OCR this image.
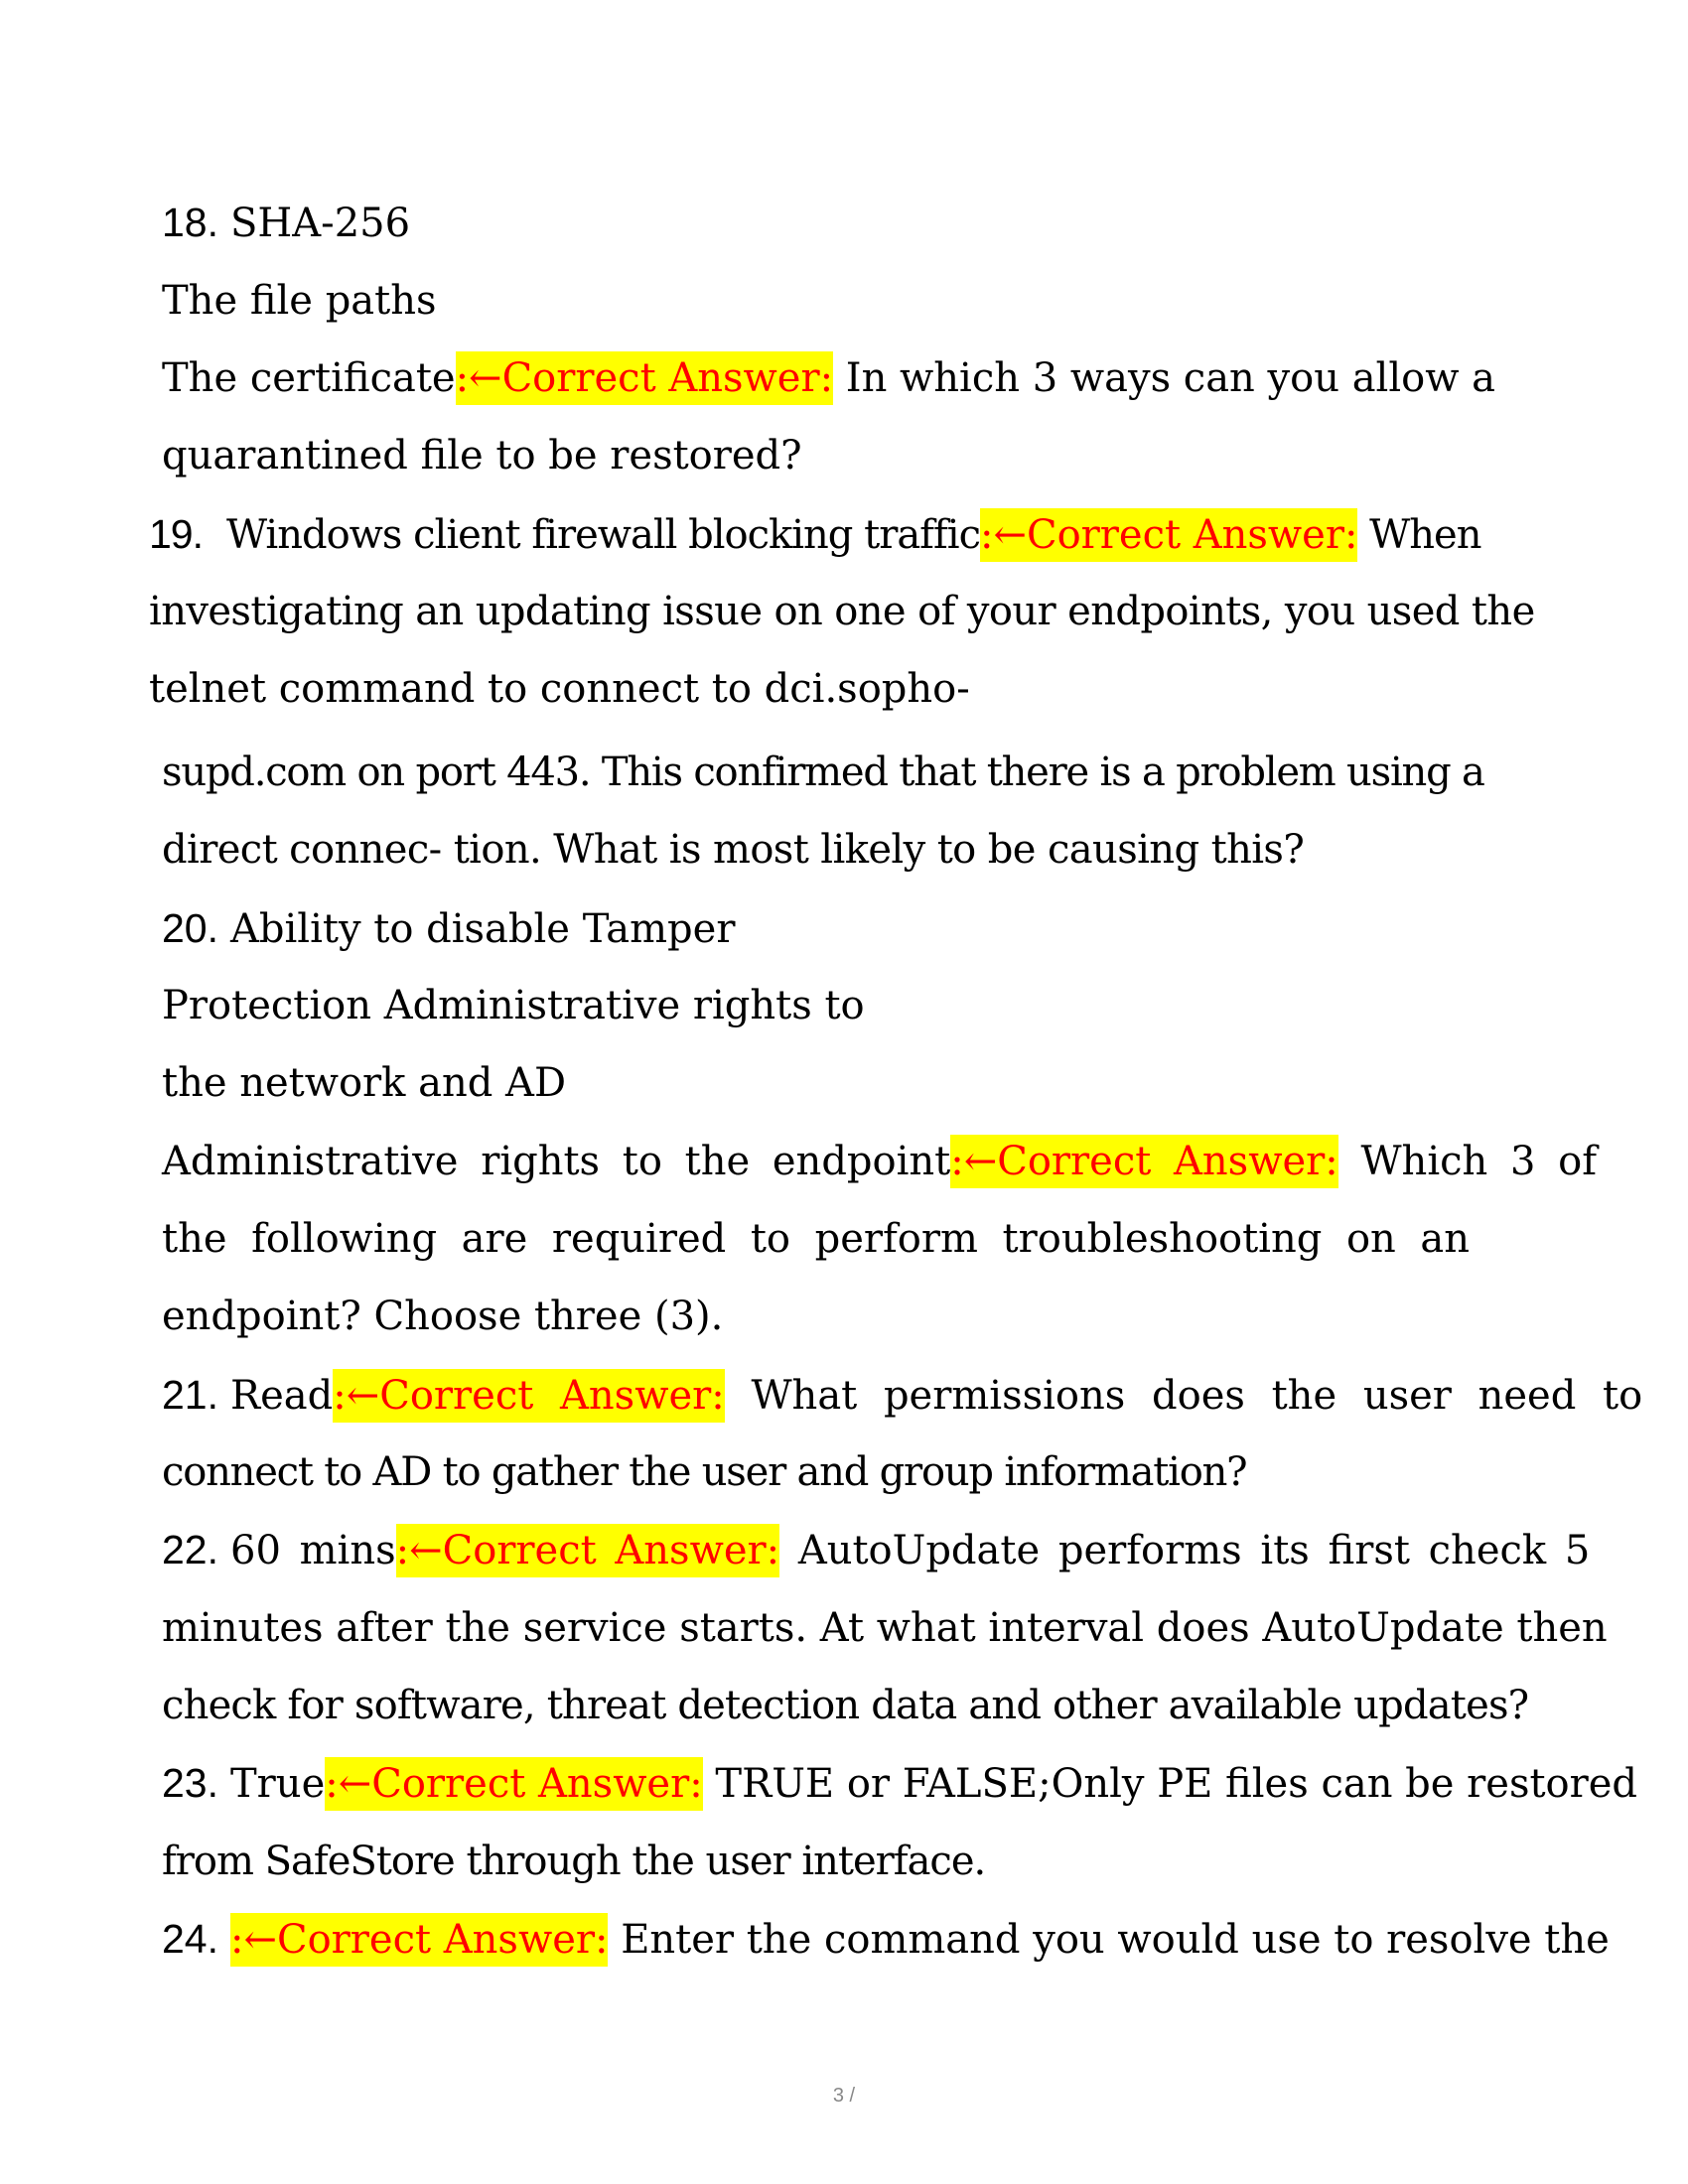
18. SHA-256
The file paths
The certificate:←Correct Answer: In which 3 ways can you allow a
quarantined file to be restored?
19. Windows client firewall blocking traffic:←Correct Answer: When
investigating an updating issue on one of your endpoints, you used the
telnet command to connect to dci.sopho-
supd.com on port 443. This confirmed that there is a problem using a
direct connec- tion. What is most likely to be causing this?
20. Ability to disable Tamper
Protection Administrative rights to
the network and AD
Administrative rights to the endpoint:←Correct Answer: Which 3 of
the following are required to perform troubleshooting on an
endpoint? Choose three (3).
21. Read:←Correct Answer: What permissions does the user need to
connect to AD to gather the user and group information?
22. 60 mins:←Correct Answer: AutoUpdate performs its first check 5
minutes after the service starts. At what interval does AutoUpdate then
check for software, threat detection data and other available updates?
23. True:←Correct Answer: TRUE or FALSE;Only PE files can be restored
from SafeStore through the user interface.
24. :←Correct Answer: Enter the command you would use to resolve the
3 /
